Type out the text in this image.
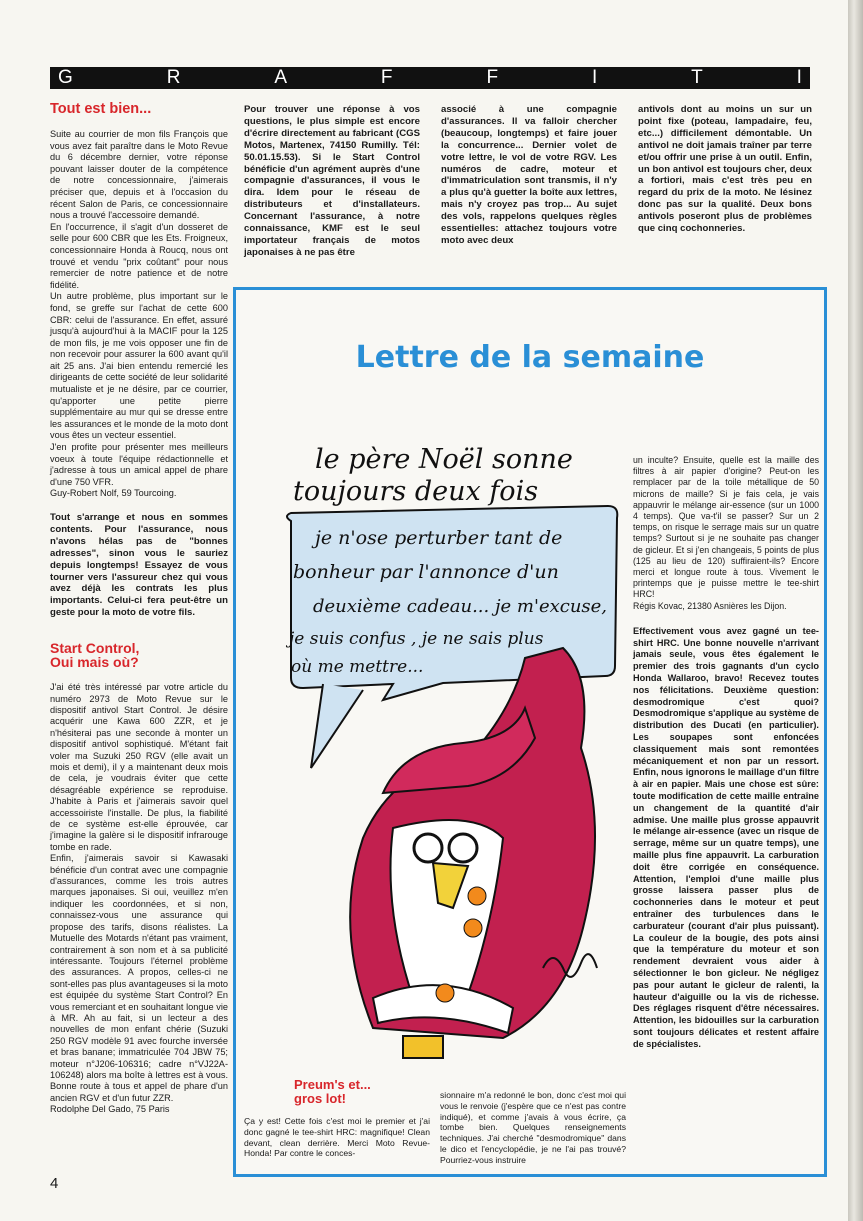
G	R	A	F	F	I	T	I

Tout est bien...

Suite au courrier de mon fils François que vous avez fait paraître dans le Moto Revue du 6 décembre dernier, votre réponse pouvant laisser douter de la compétence de notre concessionnaire, j'aimerais préciser que, depuis et à l'occasion du récent Salon de Paris, ce concessionnaire nous a trouvé l'accessoire demandé.

En l'occurrence, il s'agit d'un dosseret de selle pour 600 CBR que les Ets. Froigneux, concessionnaire Honda à Roucq, nous ont trouvé et vendu "prix coûtant" pour nous remercier de notre patience et de notre fidélité.

Un autre problème, plus important sur le fond, se greffe sur l'achat de cette 600 CBR: celui de l'assurance. En effet, assuré jusqu'à aujourd'hui à la MACIF pour la 125 de mon fils, je me vois opposer une fin de non recevoir pour assurer la 600 avant qu'il ait 25 ans. J'ai bien entendu remercié les dirigeants de cette société de leur solidarité mutualiste et je ne désire, par ce courrier, qu'apporter une petite pierre supplémentaire au mur qui se dresse entre les assurances et le monde de la moto dont vous êtes un vecteur essentiel.

J'en profite pour présenter mes meilleurs voeux à toute l'équipe rédactionnelle et j'adresse à tous un amical appel de phare d'une 750 VFR.

Guy-Robert Nolf, 59 Tourcoing.

Tout s'arrange et nous en sommes contents. Pour l'assurance, nous n'avons hélas pas de "bonnes adresses", sinon vous le sauriez depuis longtemps! Essayez de vous tourner vers l'assureur chez qui vous avez déjà les contrats les plus importants. Celui-ci fera peut-être un geste pour la moto de votre fils.

Start Control,

Oui mais où?

J'ai été très intéressé par votre article du numéro 2973 de Moto Revue sur le dispositif antivol Start Control. Je désire acquérir une Kawa 600 ZZR, et je n'hésiterai pas une seconde à monter un dispositif antivol sophistiqué. M'étant fait voler ma Suzuki 250 RGV (elle avait un mois et demi), il y a maintenant deux mois de cela, je voudrais éviter que cette désagréable expérience se reproduise. J'habite à Paris et j'aimerais savoir quel accessoiriste l'installe. De plus, la fiabilité de ce système est-elle éprouvée, car j'imagine la galère si le dispositif infrarouge tombe en rade.

Enfin, j'aimerais savoir si Kawasaki bénéficie d'un contrat avec une compagnie d'assurances, comme les trois autres marques japonaises. Si oui, veuillez m'en indiquer les coordonnées, et si non, connaissez-vous une assurance qui propose des tarifs, disons réalistes. La Mutuelle des Motards n'étant pas vraiment, contrairement à son nom et à sa publicité intéressante. Toujours l'éternel problème des assurances. A propos, celles-ci ne sont-elles pas plus avantageuses si la moto est équipée du système Start Control? En vous remerciant et en souhaitant longue vie à MR. Ah au fait, si un lecteur a des nouvelles de mon enfant chérie (Suzuki 250 RGV modèle 91 avec fourche inversée et bras banane; immatriculée 704 JBW 75; moteur n°J206-106316; cadre n°VJ22A-106248) alors ma boîte à lettres est à vous. Bonne route à tous et appel de phare d'un ancien RGV et d'un futur ZZR.

Rodolphe Del Gado, 75 Paris

Pour trouver une réponse à vos questions, le plus simple est encore d'écrire directement au fabricant (CGS Motos, Martenex, 74150 Rumilly. Tél: 50.01.15.53). Si le Start Control bénéficie d'un agrément auprès d'une compagnie d'assurances, il vous le dira. Idem pour le réseau de distributeurs et d'installateurs. Concernant l'assurance, à notre connaissance, KMF est le seul importateur français de motos japonaises à ne pas être

associé à une compagnie d'assurances. Il va falloir chercher (beaucoup, longtemps) et faire jouer la concurrence... Dernier volet de votre lettre, le vol de votre RGV. Les numéros de cadre, moteur et d'immatriculation sont transmis, il n'y a plus qu'à guetter la boîte aux lettres, mais n'y croyez pas trop... Au sujet des vols, rappelons quelques règles essentielles: attachez toujours votre moto avec deux

antivols dont au moins un sur un point fixe (poteau, lampadaire, feu, etc...) difficilement démontable. Un antivol ne doit jamais traîner par terre et/ou offrir une prise à un outil. Enfin, un bon antivol est toujours cher, deux a fortiori, mais c'est très peu en regard du prix de la moto. Ne lésinez donc pas sur la qualité. Deux bons antivols poseront plus de problèmes que cinq cochonneries.

Lettre de la semaine
le père Noël sonne
toujours deux fois
je n'ose perturber tant de
bonheur par l'annonce d'un
deuxième cadeau... je m'excuse,
je suis confus , je ne sais plus
où me mettre...

un inculte? Ensuite, quelle est la maille des filtres à air papier d'origine? Peut-on les remplacer par de la toile métallique de 50 microns de maille? Si je fais cela, je vais appauvrir le mélange air-essence (sur un 1000 4 temps). Que va-t'il se passer? Sur un 2 temps, on risque le serrage mais sur un quatre temps? Surtout si je ne souhaite pas changer de gicleur. Et si j'en changeais, 5 points de plus (125 au lieu de 120) suffiraient-ils? Encore merci et longue route à tous. Vivement le printemps que je puisse mettre le tee-shirt HRC!

Régis Kovac, 21380 Asnières les Dijon.

Effectivement vous avez gagné un tee-shirt HRC. Une bonne nouvelle n'arrivant jamais seule, vous êtes également le premier des trois gagnants d'un cyclo Honda Wallaroo, bravo! Recevez toutes nos félicitations. Deuxième question: desmodromique c'est quoi? Desmodromique s'applique au système de distribution des Ducati (en particulier). Les soupapes sont enfoncées classiquement mais sont remontées mécaniquement et non par un ressort. Enfin, nous ignorons le maillage d'un filtre à air en papier. Mais une chose est sûre: toute modification de cette maille entraîne un changement de la quantité d'air admise. Une maille plus grosse appauvrit le mélange air-essence (avec un risque de serrage, même sur un quatre temps), une maille plus fine appauvrit. La carburation doit être corrigée en conséquence. Attention, l'emploi d'une maille plus grosse laissera passer plus de cochonneries dans le moteur et peut entraîner des turbulences dans le carburateur (courant d'air plus puissant). La couleur de la bougie, des pots ainsi que la température du moteur et son rendement devraient vous aider à sélectionner le bon gicleur. Ne négligez pas pour autant le gicleur de ralenti, la hauteur d'aiguille ou la vis de richesse. Des réglages risquent d'être nécessaires. Attention, les bidouilles sur la carburation sont toujours délicates et restent affaire de spécialistes.

Preum's et...

gros lot!

Ça y est! Cette fois c'est moi le premier et j'ai donc gagné le tee-shirt HRC: magnifique! Clean devant, clean derrière. Merci Moto Revue-Honda! Par contre le conces-

sionnaire m'a redonné le bon, donc c'est moi qui vous le renvoie (j'espère que ce n'est pas contre indiqué), et comme j'avais à vous écrire, ça tombe bien. Quelques renseignements techniques. J'ai cherché "desmodromique" dans le dico et l'encyclopédie, je ne l'ai pas trouvé? Pourriez-vous instruire

4
